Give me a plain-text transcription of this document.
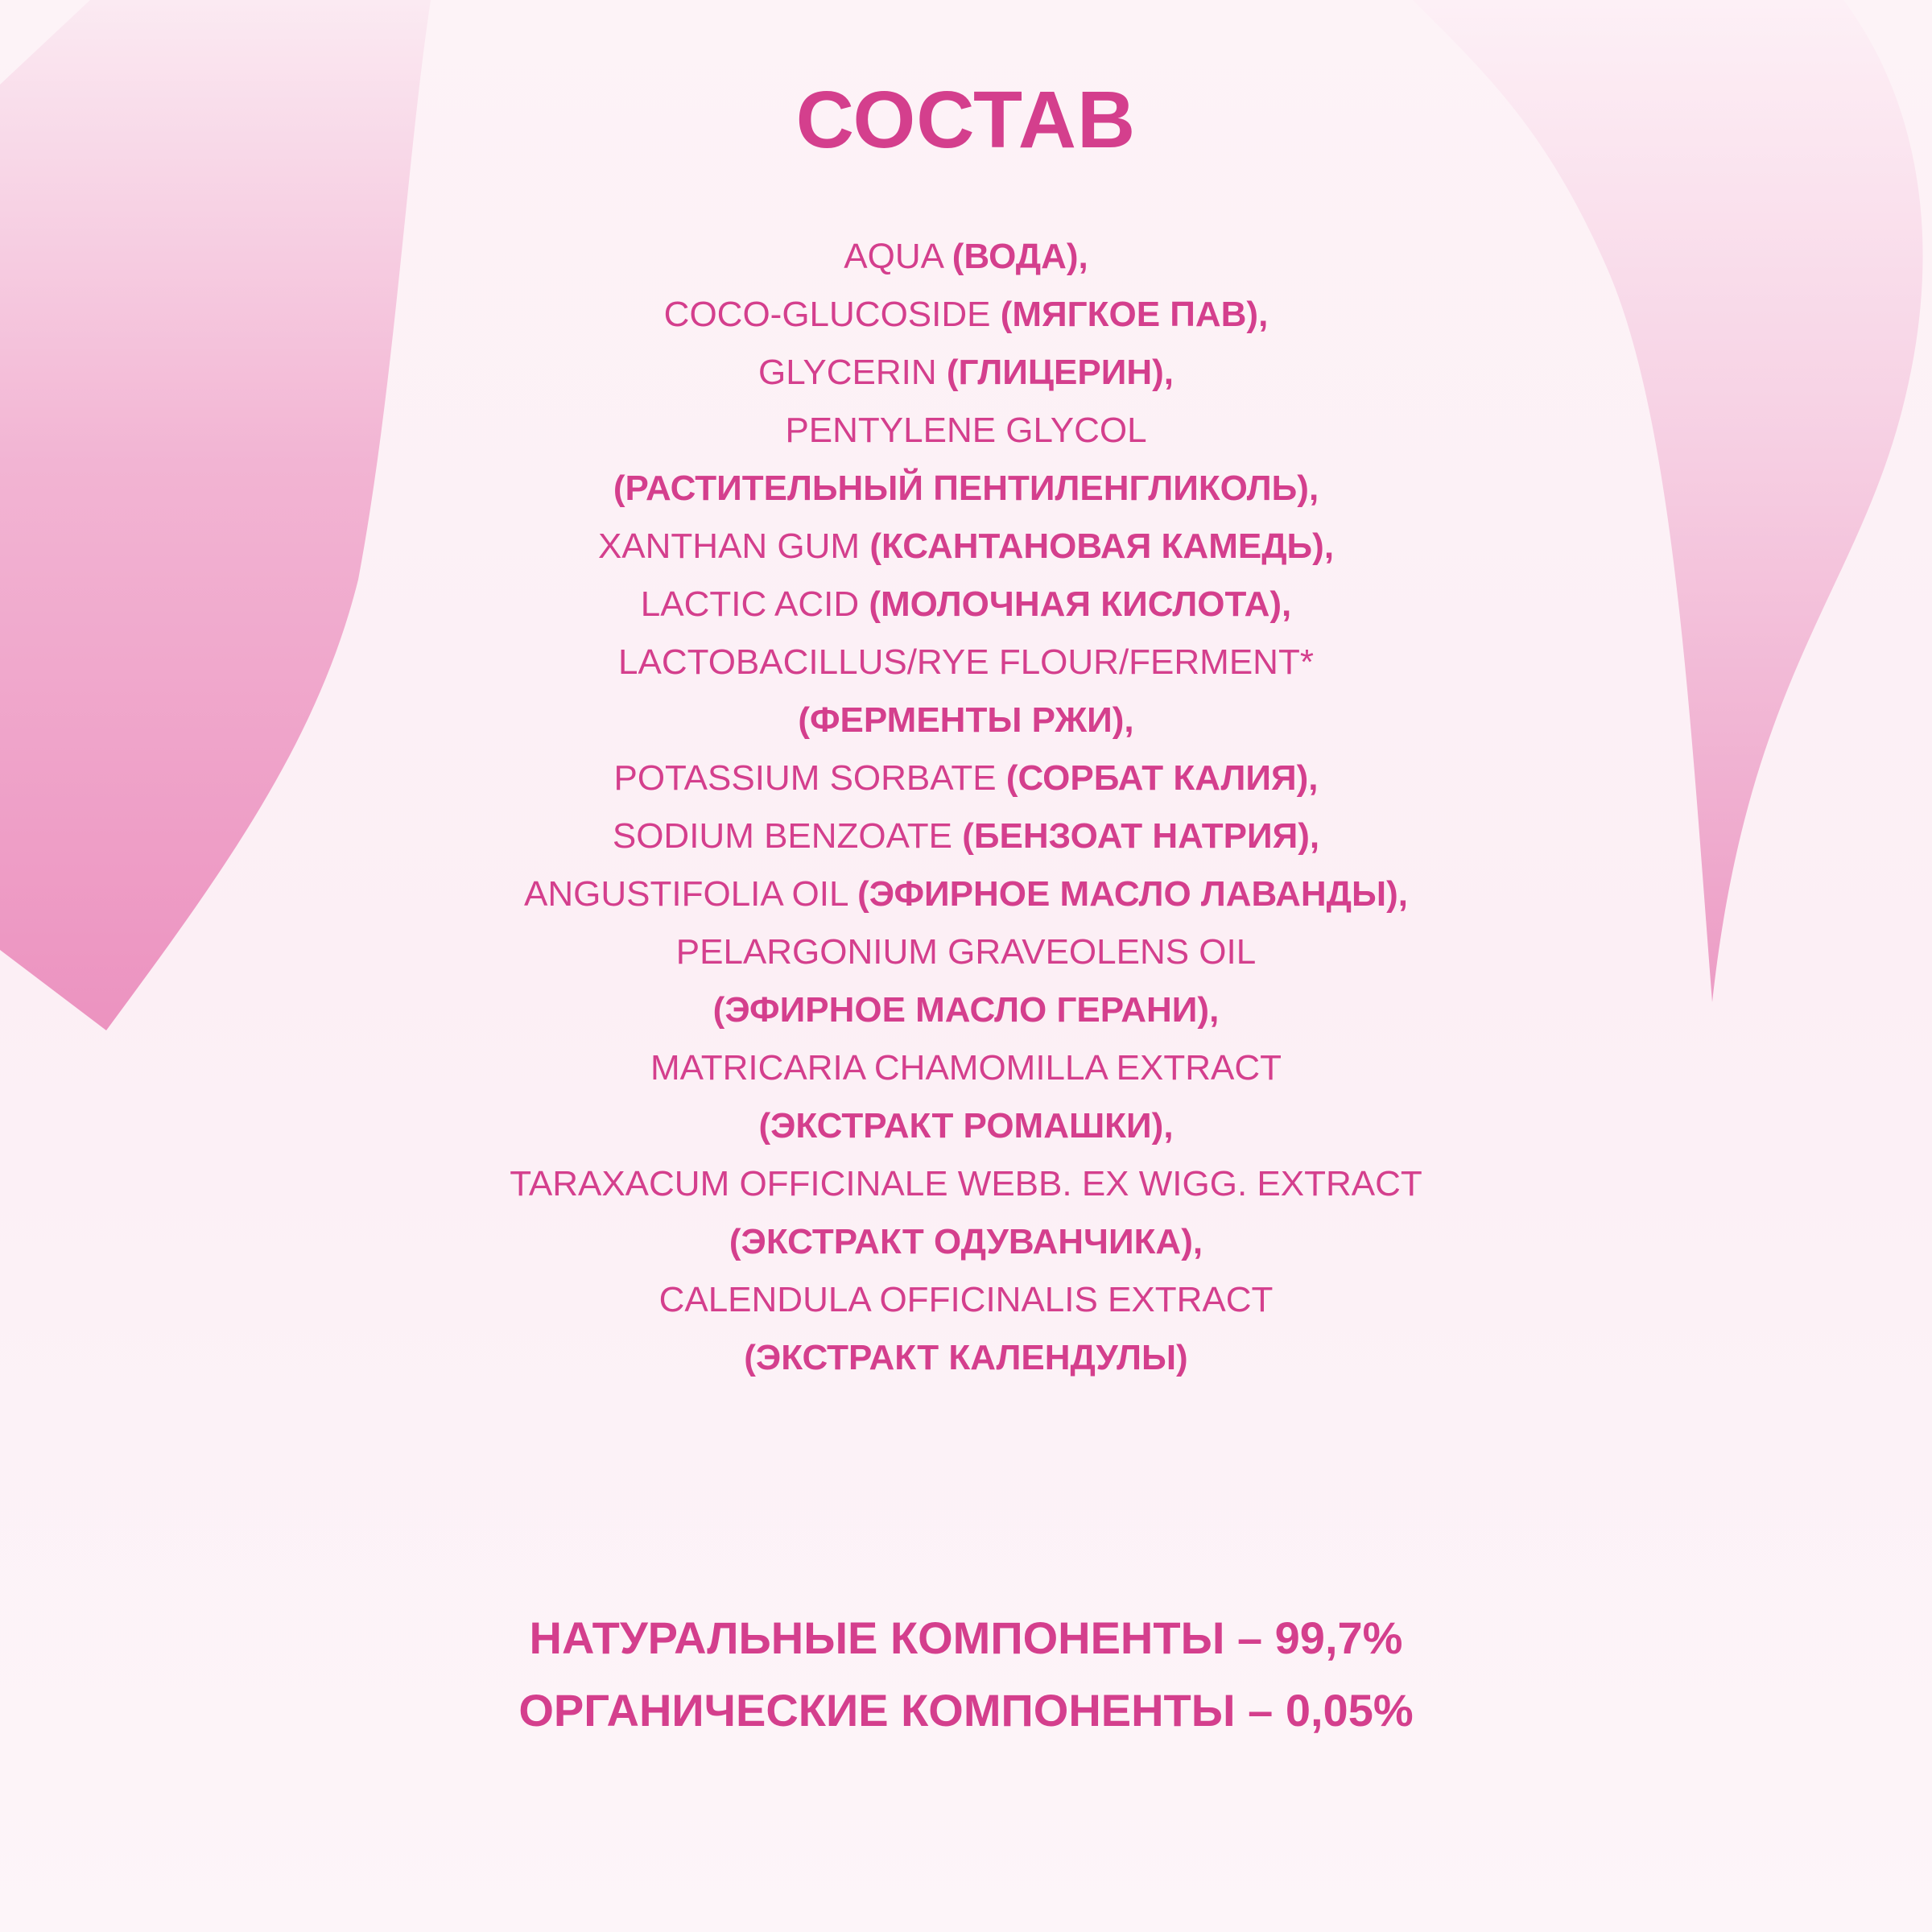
СОСТАВ
AQUA (ВОДА),
COCO-GLUCOSIDE (МЯГКОЕ ПАВ),
GLYCERIN (ГЛИЦЕРИН),
PENTYLENE GLYCOL
(РАСТИТЕЛЬНЫЙ ПЕНТИЛЕНГЛИКОЛЬ),
XANTHAN GUM (КСАНТАНОВАЯ КАМЕДЬ),
LACTIC ACID (МОЛОЧНАЯ КИСЛОТА),
LACTOBACILLUS/RYE FLOUR/FERMENT*
(ФЕРМЕНТЫ РЖИ),
POTASSIUM SORBATE (СОРБАТ КАЛИЯ),
SODIUM BENZOATE (БЕНЗОАТ НАТРИЯ),
ANGUSTIFOLIA OIL (ЭФИРНОЕ МАСЛО ЛАВАНДЫ),
PELARGONIUM GRAVEOLENS OIL
(ЭФИРНОЕ МАСЛО ГЕРАНИ),
MATRICARIA CHAMOMILLA EXTRACT
(ЭКСТРАКТ РОМАШКИ),
TARAXACUM OFFICINALE WEBB. EX WIGG. EXTRACT
(ЭКСТРАКТ ОДУВАНЧИКА),
CALENDULA OFFICINALIS EXTRACT
(ЭКСТРАКТ КАЛЕНДУЛЫ)
НАТУРАЛЬНЫЕ КОМПОНЕНТЫ – 99,7%
ОРГАНИЧЕСКИЕ КОМПОНЕНТЫ – 0,05%
